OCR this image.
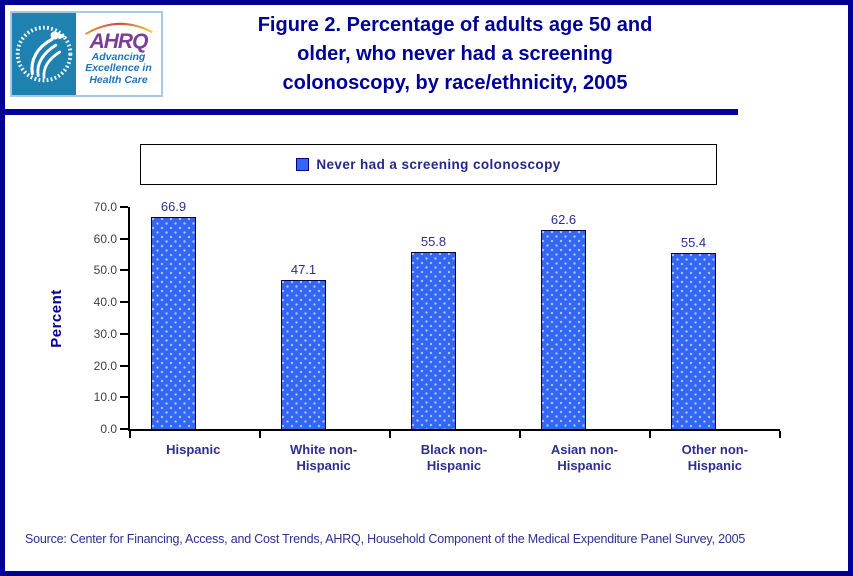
AHRQ
Advancing
Excellence in
Health Care
Figure 2. Percentage of adults age 50 and
older, who never had a screening
colonoscopy, by race/ethnicity, 2005
Never had a screening colonoscopy
Percent
0.0
10.0
20.0
30.0
40.0
50.0
60.0
70.0	66.9
47.1
55.8
62.6
55.4
Hispanic	White non-Hispanic
Black non-Hispanic
Asian non-Hispanic
Other non-Hispanic
Source: Center for Financing, Access, and Cost Trends, AHRQ, Household Component of the Medical Expenditure Panel Survey, 2005
